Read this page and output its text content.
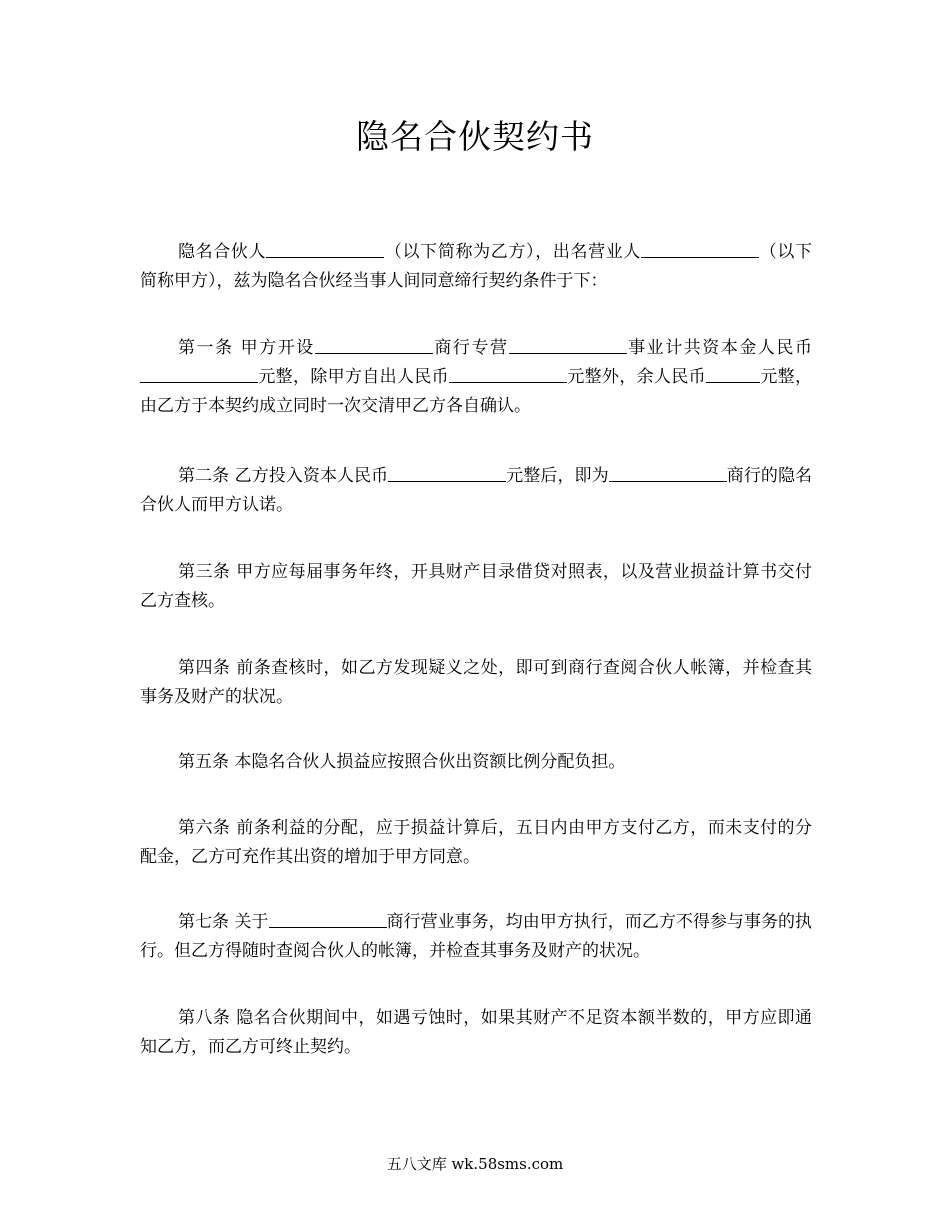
隐名合伙契约书
隐名合伙人	（以下简称为乙方），出名营业人	（以下简称甲方），兹为隐名合伙经当事人间同意缔行契约条件于下：
第一条 甲方开设	商行专营	事业计共资本金人民币元整，除甲方自出人民币	元整外，余人民币	元整，由乙方于本契约成立同时一次交清甲乙方各自确认。
第二条 乙方投入资本人民币	元整后，即为	商行的隐名合伙人而甲方认诺。
第三条 甲方应每届事务年终，开具财产目录借贷对照表，以及营业损益计算书交付乙方查核。
第四条 前条查核时，如乙方发现疑义之处，即可到商行查阅合伙人帐簿，并检查其事务及财产的状况。
第五条 本隐名合伙人损益应按照合伙出资额比例分配负担。
第六条 前条利益的分配，应于损益计算后，五日内由甲方支付乙方，而未支付的分配金，乙方可充作其出资的增加于甲方同意。
第七条 关于	商行营业事务，均由甲方执行，而乙方不得参与事务的执行。但乙方得随时查阅合伙人的帐簿，并检查其事务及财产的状况。
第八条 隐名合伙期间中，如遇亏蚀时，如果其财产不足资本额半数的，甲方应即通知乙方，而乙方可终止契约。
五八文库 wk.58sms.com
